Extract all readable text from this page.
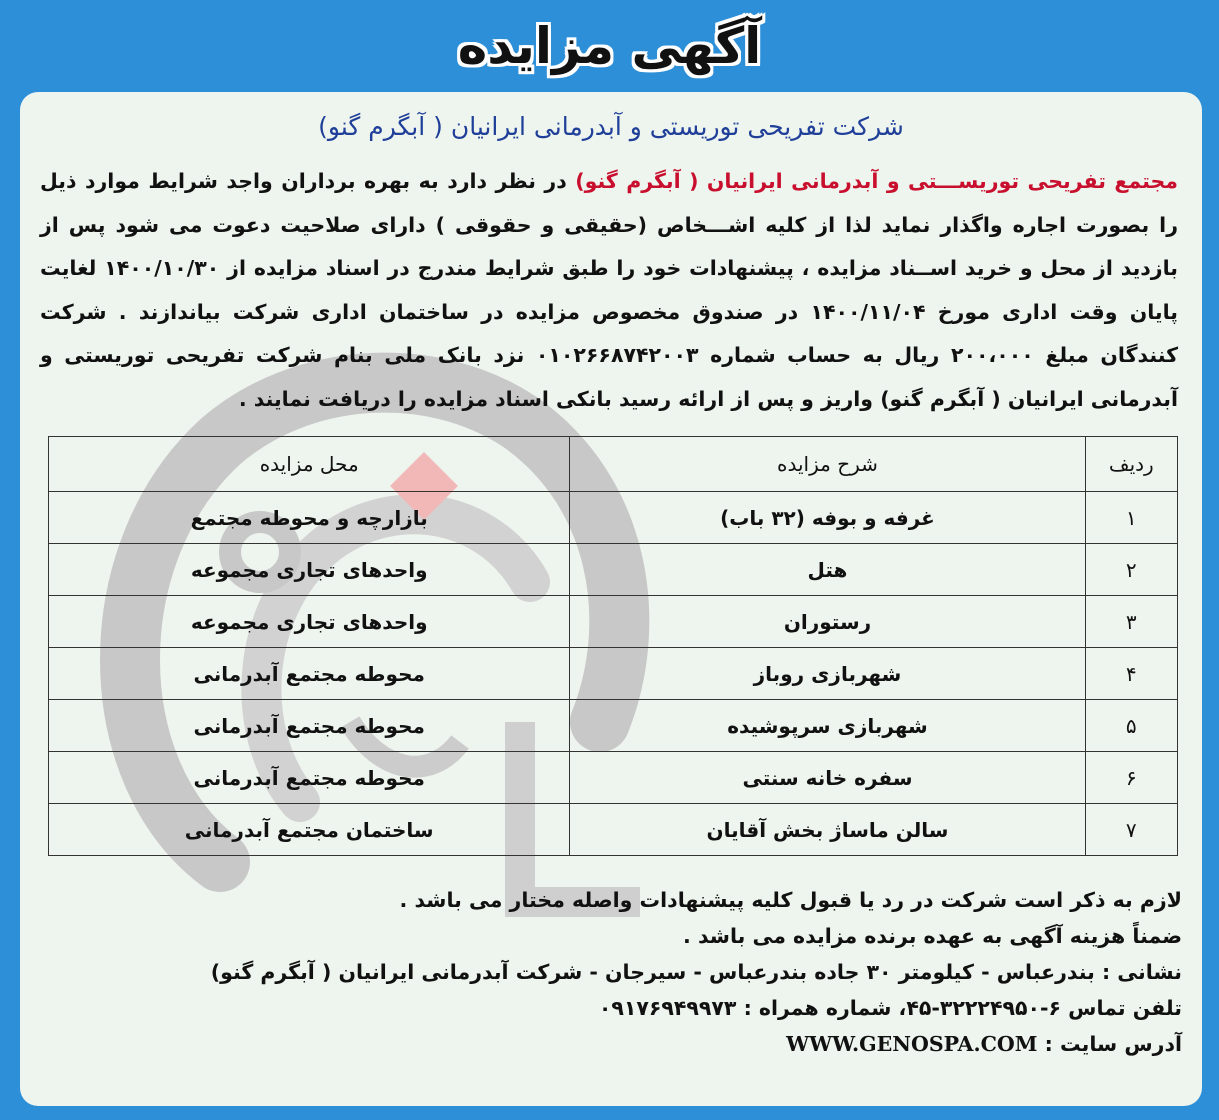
آگهی مزایده
شرکت تفریحی توریستی و آبدرمانی ایرانیان ( آبگرم گنو)
مجتمع تفریحی توریســـتی و آبدرمانی ایرانیان ( آبگرم گنو) در نظر دارد به بهره برداران واجد شرایط موارد ذیل را بصورت اجاره واگذار نماید لذا از کلیه اشـــخاص (حقیقی و حقوقی ) دارای صلاحیت دعوت می شود پس از بازدید از محل و خرید اســناد مزایده ، پیشنهادات خود را طبق شرایط مندرج در اسناد مزایده از ۱۴۰۰/۱۰/۳۰ لغایت پایان وقت اداری مورخ ۱۴۰۰/۱۱/۰۴ در صندوق مخصوص مزایده در ساختمان اداری شرکت بیاندازند . شرکت کنندگان مبلغ ۲۰۰،۰۰۰ ریال به حساب شماره ۰۱۰۲۶۶۸۷۴۲۰۰۳ نزد بانک ملی بنام شرکت تفریحی توریستی و آبدرمانی ایرانیان ( آبگرم گنو) واریز و پس از ارائه رسید بانکی اسناد مزایده را دریافت نمایند .
ردیف	شرح مزایده	محل مزایده
۱	غرفه و بوفه (۳۲ باب)	بازارچه و محوطه مجتمع
۲	هتل	واحدهای تجاری مجموعه
۳	رستوران	واحدهای تجاری مجموعه
۴	شهربازی روباز	محوطه مجتمع آبدرمانی
۵	شهربازی سرپوشیده	محوطه مجتمع آبدرمانی
۶	سفره خانه سنتی	محوطه مجتمع آبدرمانی
۷	سالن ماساژ بخش آقایان	ساختمان مجتمع آبدرمانی
لازم به ذکر است شرکت در رد یا قبول کلیه پیشنهادات واصله مختار می باشد .
ضمناً هزینه آگهی به عهده برنده مزایده می باشد .
نشانی : بندرعباس - کیلومتر ۳۰ جاده بندرعباس - سیرجان - شرکت آبدرمانی ایرانیان ( آبگرم گنو)
تلفن تماس ۶-۳۲۲۲۴۹۵۰-۴۵، شماره همراه : ۰۹۱۷۶۹۴۹۹۷۳
آدرس سایت : WWW.GENOSPA.COM
